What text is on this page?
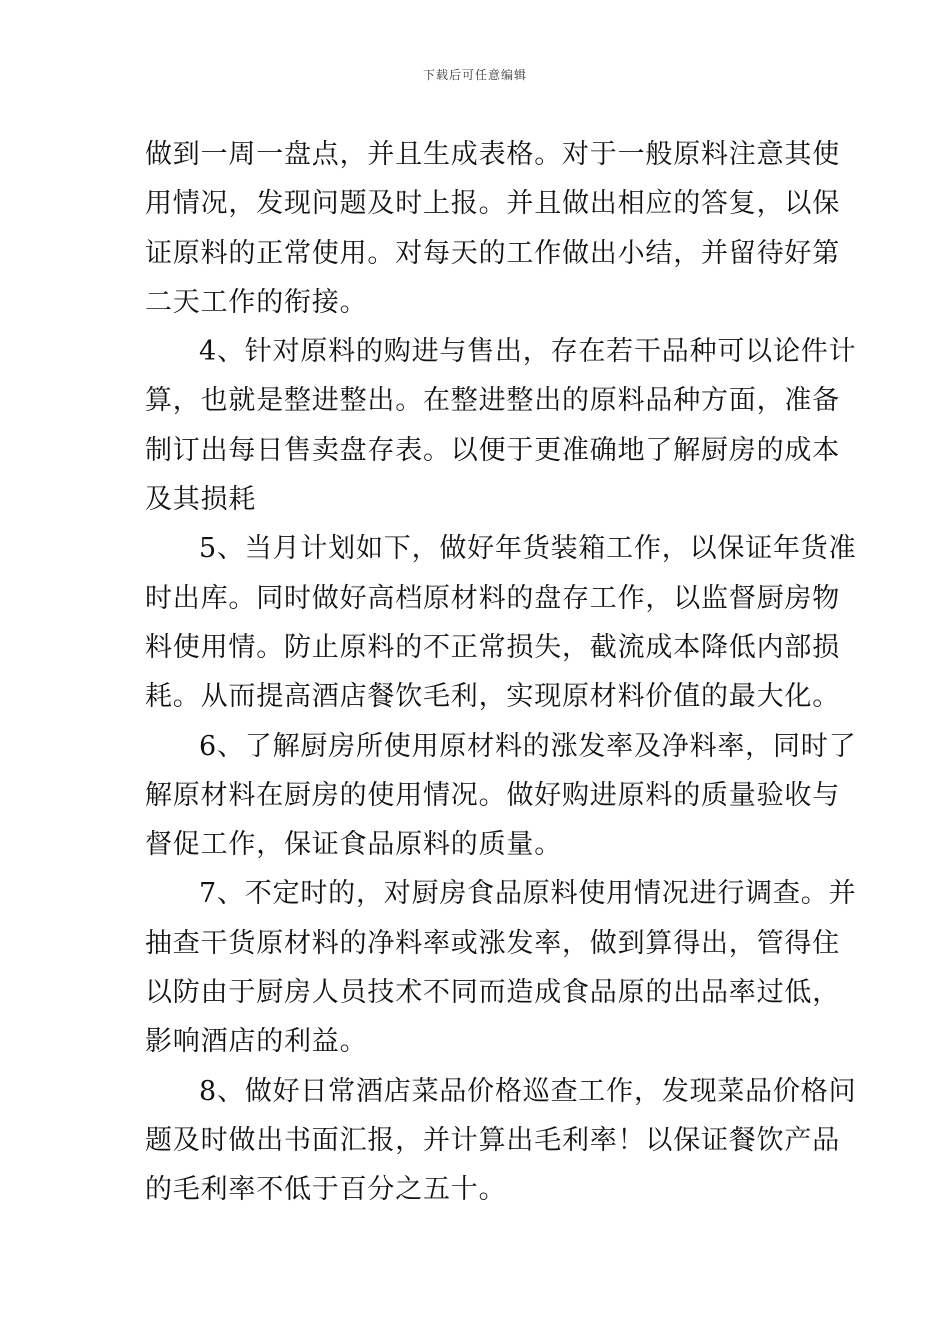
下载后可任意编辑
做到一周一盘点，并且生成表格。对于一般原料注意其使
用情况，发现问题及时上报。并且做出相应的答复，以保
证原料的正常使用。对每天的工作做出小结，并留待好第
二天工作的衔接。
4、针对原料的购进与售出，存在若干品种可以论件计
算，也就是整进整出。在整进整出的原料品种方面，准备
制订出每日售卖盘存表。以便于更准确地了解厨房的成本
及其损耗
5、当月计划如下，做好年货装箱工作，以保证年货准
时出库。同时做好高档原材料的盘存工作，以监督厨房物
料使用情。防止原料的不正常损失，截流成本降低内部损
耗。从而提高酒店餐饮毛利，实现原材料价值的最大化。
6、了解厨房所使用原材料的涨发率及净料率，同时了
解原材料在厨房的使用情况。做好购进原料的质量验收与
督促工作，保证食品原料的质量。
7、不定时的，对厨房食品原料使用情况进行调查。并
抽查干货原材料的净料率或涨发率，做到算得出，管得住
以防由于厨房人员技术不同而造成食品原的出品率过低，
影响酒店的利益。
8、做好日常酒店菜品价格巡查工作，发现菜品价格问
题及时做出书面汇报，并计算出毛利率！以保证餐饮产品
的毛利率不低于百分之五十。
